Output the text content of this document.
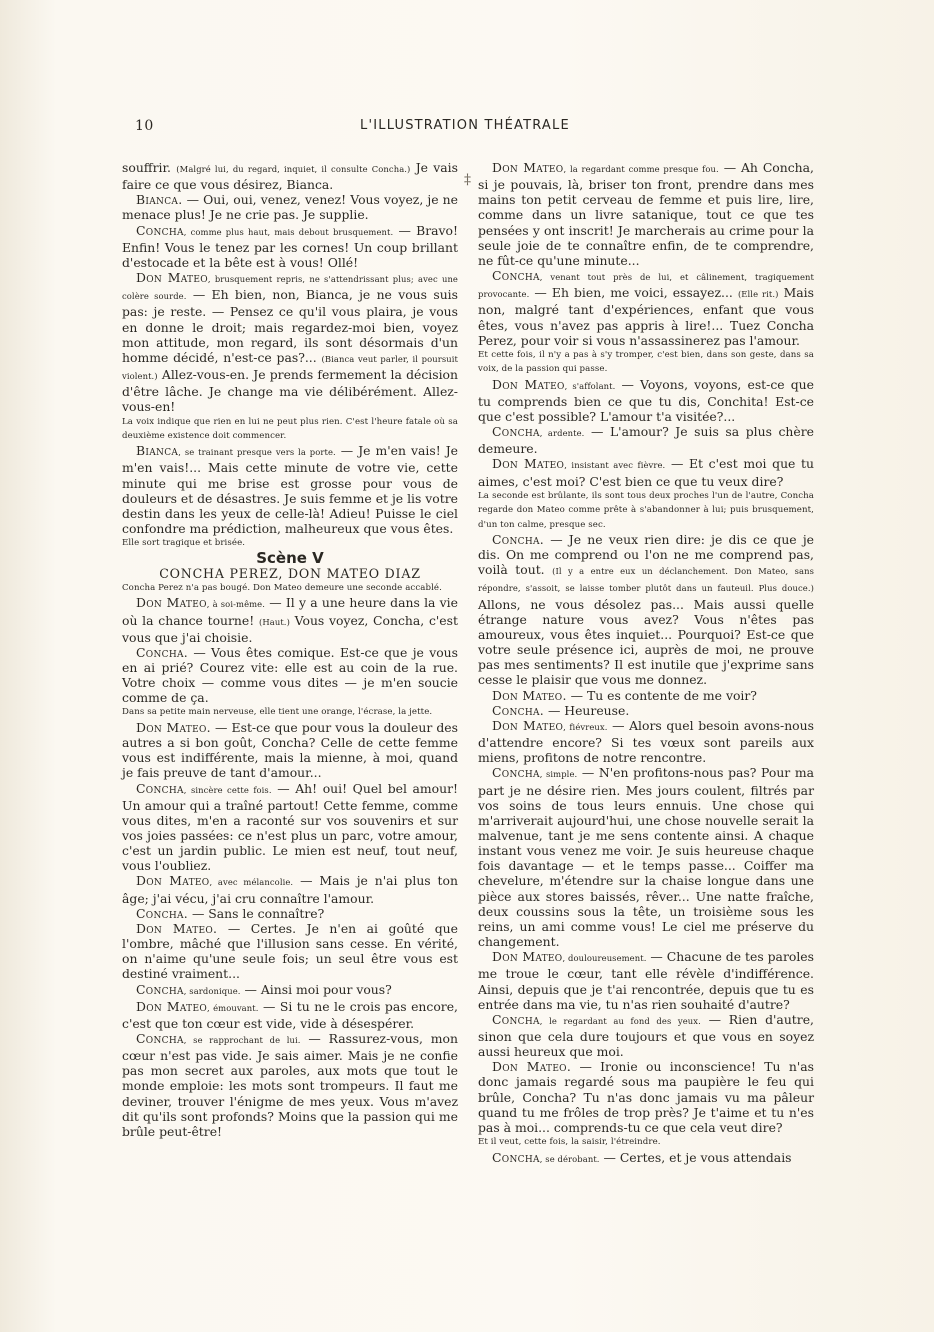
10	L'ILLUSTRATION THÉATRALE
‡

souffrir. (Malgré lui, du regard, inquiet, il consulte Concha.) Je vais faire ce que vous désirez, Bianca.

Bianca. — Oui, oui, venez, venez! Vous voyez, je ne menace plus! Je ne crie pas. Je supplie.

Concha, comme plus haut, mais debout brusquement. — Bravo! Enfin! Vous le tenez par les cornes! Un coup brillant d'estocade et la bête est à vous! Ollé!

Don Mateo, brusquement repris, ne s'attendrissant plus; avec une colère sourde. — Eh bien, non, Bianca, je ne vous suis pas: je reste. — Pensez ce qu'il vous plaira, je vous en donne le droit; mais regardez-moi bien, voyez mon attitude, mon regard, ils sont désormais d'un homme décidé, n'est-ce pas?... (Bianca veut parler, il poursuit violent.) Allez-vous-en. Je prends fermement la décision d'être lâche. Je change ma vie délibérément. Allez-vous-en!

La voix indique que rien en lui ne peut plus rien. C'est l'heure fatale où sa deuxième existence doit commencer.

Bianca, se trainant presque vers la porte. — Je m'en vais! Je m'en vais!... Mais cette minute de votre vie, cette minute qui me brise est grosse pour vous de douleurs et de désastres. Je suis femme et je lis votre destin dans les yeux de celle-là! Adieu! Puisse le ciel confondre ma prédiction, malheureux que vous êtes.

Elle sort tragique et brisée.

Scène V

CONCHA PEREZ, DON MATEO DIAZ

Concha Perez n'a pas bougé. Don Mateo demeure une seconde accablé.

Don Mateo, à soi-même. — Il y a une heure dans la vie où la chance tourne! (Haut.) Vous voyez, Concha, c'est vous que j'ai choisie.

Concha. — Vous êtes comique. Est-ce que je vous en ai prié? Courez vite: elle est au coin de la rue. Votre choix — comme vous dites — je m'en soucie comme de ça.

Dans sa petite main nerveuse, elle tient une orange, l'écrase, la jette.

Don Mateo. — Est-ce que pour vous la douleur des autres a si bon goût, Concha? Celle de cette femme vous est indifférente, mais la mienne, à moi, quand je fais preuve de tant d'amour...

Concha, sincère cette fois. — Ah! oui! Quel bel amour! Un amour qui a traîné partout! Cette femme, comme vous dites, m'en a raconté sur vos souvenirs et sur vos joies passées: ce n'est plus un parc, votre amour, c'est un jardin public. Le mien est neuf, tout neuf, vous l'oubliez.

Don Mateo, avec mélancolie. — Mais je n'ai plus ton âge; j'ai vécu, j'ai cru connaître l'amour.

Concha. — Sans le connaître?

Don Mateo. — Certes. Je n'en ai goûté que l'ombre, mâché que l'illusion sans cesse. En vérité, on n'aime qu'une seule fois; un seul être vous est destiné vraiment...

Concha, sardonique. — Ainsi moi pour vous?

Don Mateo, émouvant. — Si tu ne le crois pas encore, c'est que ton cœur est vide, vide à désespérer.

Concha, se rapprochant de lui. — Rassurez-vous, mon cœur n'est pas vide. Je sais aimer. Mais je ne confie pas mon secret aux paroles, aux mots que tout le monde emploie: les mots sont trompeurs. Il faut me deviner, trouver l'énigme de mes yeux. Vous m'avez dit qu'ils sont profonds? Moins que la passion qui me brûle peut-être!

Don Mateo, la regardant comme presque fou. — Ah Concha, si je pouvais, là, briser ton front, prendre dans mes mains ton petit cerveau de femme et puis lire, lire, comme dans un livre satanique, tout ce que tes pensées y ont inscrit! Je marcherais au crime pour la seule joie de te connaître enfin, de te comprendre, ne fût-ce qu'une minute...

Concha, venant tout près de lui, et câlinement, tragiquement provocante. — Eh bien, me voici, essayez... (Elle rit.) Mais non, malgré tant d'expériences, enfant que vous êtes, vous n'avez pas appris à lire!... Tuez Concha Perez, pour voir si vous n'assassinerez pas l'amour.

Et cette fois, il n'y a pas à s'y tromper, c'est bien, dans son geste, dans sa voix, de la passion qui passe.

Don Mateo, s'affolant. — Voyons, voyons, est-ce que tu comprends bien ce que tu dis, Conchita! Est-ce que c'est possible? L'amour t'a visitée?...

Concha, ardente. — L'amour? Je suis sa plus chère demeure.

Don Mateo, insistant avec fièvre. — Et c'est moi que tu aimes, c'est moi? C'est bien ce que tu veux dire?

La seconde est brûlante, ils sont tous deux proches l'un de l'autre, Concha regarde don Mateo comme prête à s'abandonner à lui; puis brusquement, d'un ton calme, presque sec.

Concha. — Je ne veux rien dire: je dis ce que je dis. On me comprend ou l'on ne me comprend pas, voilà tout. (Il y a entre eux un déclanchement. Don Mateo, sans répondre, s'assoit, se laisse tomber plutôt dans un fauteuil. Plus douce.) Allons, ne vous désolez pas... Mais aussi quelle étrange nature vous avez? Vous n'êtes pas amoureux, vous êtes inquiet... Pourquoi? Est-ce que votre seule présence ici, auprès de moi, ne prouve pas mes sentiments? Il est inutile que j'exprime sans cesse le plaisir que vous me donnez.

Don Mateo. — Tu es contente de me voir?

Concha. — Heureuse.

Don Mateo, fiévreux. — Alors quel besoin avons-nous d'attendre encore? Si tes vœux sont pareils aux miens, profitons de notre rencontre.

Concha, simple. — N'en profitons-nous pas? Pour ma part je ne désire rien. Mes jours coulent, filtrés par vos soins de tous leurs ennuis. Une chose qui m'arriverait aujourd'hui, une chose nouvelle serait la malvenue, tant je me sens contente ainsi. A chaque instant vous venez me voir. Je suis heureuse chaque fois davantage — et le temps passe... Coiffer ma chevelure, m'étendre sur la chaise longue dans une pièce aux stores baissés, rêver... Une natte fraîche, deux coussins sous la tête, un troisième sous les reins, un ami comme vous! Le ciel me préserve du changement.

Don Mateo, douloureusement. — Chacune de tes paroles me troue le cœur, tant elle révèle d'indifférence. Ainsi, depuis que je t'ai rencontrée, depuis que tu es entrée dans ma vie, tu n'as rien souhaité d'autre?

Concha, le regardant au fond des yeux. — Rien d'autre, sinon que cela dure toujours et que vous en soyez aussi heureux que moi.

Don Mateo. — Ironie ou inconscience! Tu n'as donc jamais regardé sous ma paupière le feu qui brûle, Concha? Tu n'as donc jamais vu ma pâleur quand tu me frôles de trop près? Je t'aime et tu n'es pas à moi... comprends-tu ce que cela veut dire?

Et il veut, cette fois, la saisir, l'étreindre.

Concha, se dérobant. — Certes, et je vous attendais
